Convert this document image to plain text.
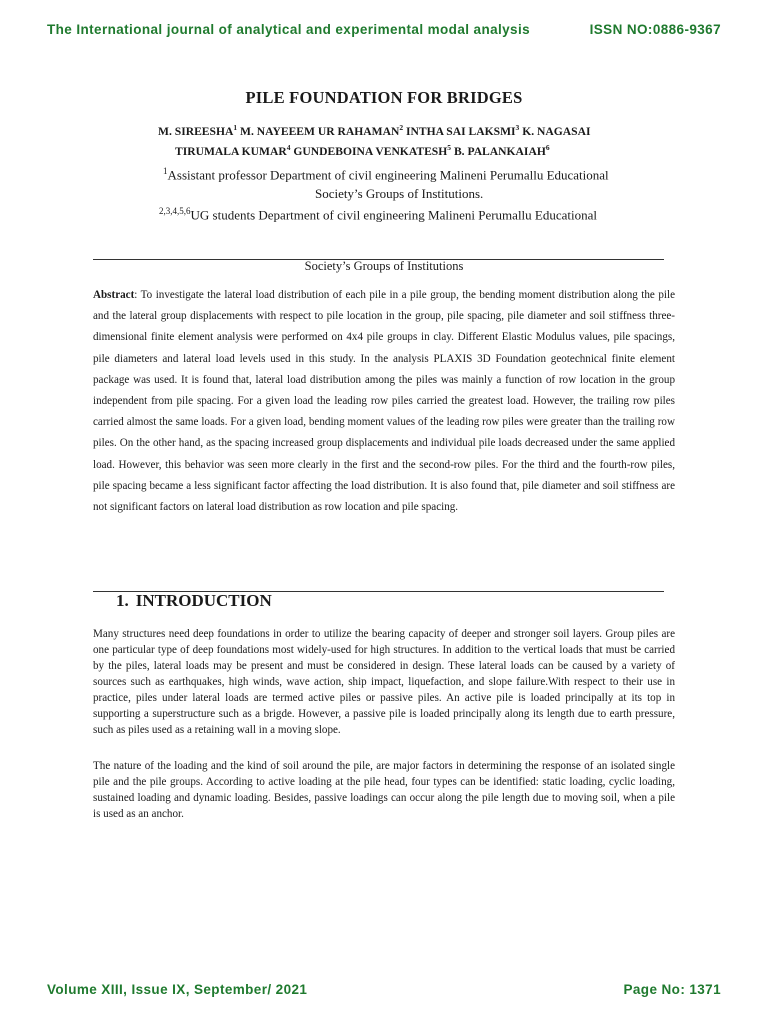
The International journal of analytical and experimental modal analysis	ISSN NO:0886-9367
PILE FOUNDATION FOR BRIDGES
M. SIREESHA$^1$ M. NAYEEEM UR RAHAMAN$^2$ INTHA SAI LAKSMI$^3$ K. NAGASAI
TIRUMALA KUMAR$^4$ GUNDEBOINA VENKATESH$^5$ B. PALANKAIAH$^6$
$^1$Assistant professor Department of civil engineering Malineni Perumallu Educational
Society’s Groups of Institutions.
$^{2,3,4,5,6}$UG students Department of civil engineering Malineni Perumallu Educational
Society’s Groups of Institutions
Abstract: To investigate the lateral load distribution of each pile in a pile group, the bending moment distribution along the pile and the lateral group displacements with respect to pile location in the group, pile spacing, pile diameter and soil stiffness three-dimensional finite element analysis were performed on 4x4 pile groups in clay. Different Elastic Modulus values, pile spacings, pile diameters and lateral load levels used in this study. In the analysis PLAXIS 3D Foundation geotechnical finite element package was used. It is found that, lateral load distribution among the piles was mainly a function of row location in the group independent from pile spacing. For a given load the leading row piles carried the greatest load. However, the trailing row piles carried almost the same loads. For a given load, bending moment values of the leading row piles were greater than the trailing row piles. On the other hand, as the spacing increased group displacements and individual pile loads decreased under the same applied load. However, this behavior was seen more clearly in the first and the second-row piles. For the third and the fourth-row piles, pile spacing became a less significant factor affecting the load distribution. It is also found that, pile diameter and soil stiffness are not significant factors on lateral load distribution as row location and pile spacing.
1. INTRODUCTION
Many structures need deep foundations in order to utilize the bearing capacity of deeper and stronger soil layers. Group piles are one particular type of deep foundations most widely-used for high structures. In addition to the vertical loads that must be carried by the piles, lateral loads may be present and must be considered in design. These lateral loads can be caused by a variety of sources such as earthquakes, high winds, wave action, ship impact, liquefaction, and slope failure.With respect to their use in practice, piles under lateral loads are termed active piles or passive piles. An active pile is loaded principally at its top in supporting a superstructure such as a brigde. However, a passive pile is loaded principally along its length due to earth pressure, such as piles used as a retaining wall in a moving slope.
The nature of the loading and the kind of soil around the pile, are major factors in determining the response of an isolated single pile and the pile groups. According to active loading at the pile head, four types can be identified: static loading, cyclic loading, sustained loading and dynamic loading. Besides, passive loadings can occur along the pile length due to moving soil, when a pile is used as an anchor.
Volume XIII, Issue IX, September/ 2021	Page No: 1371
